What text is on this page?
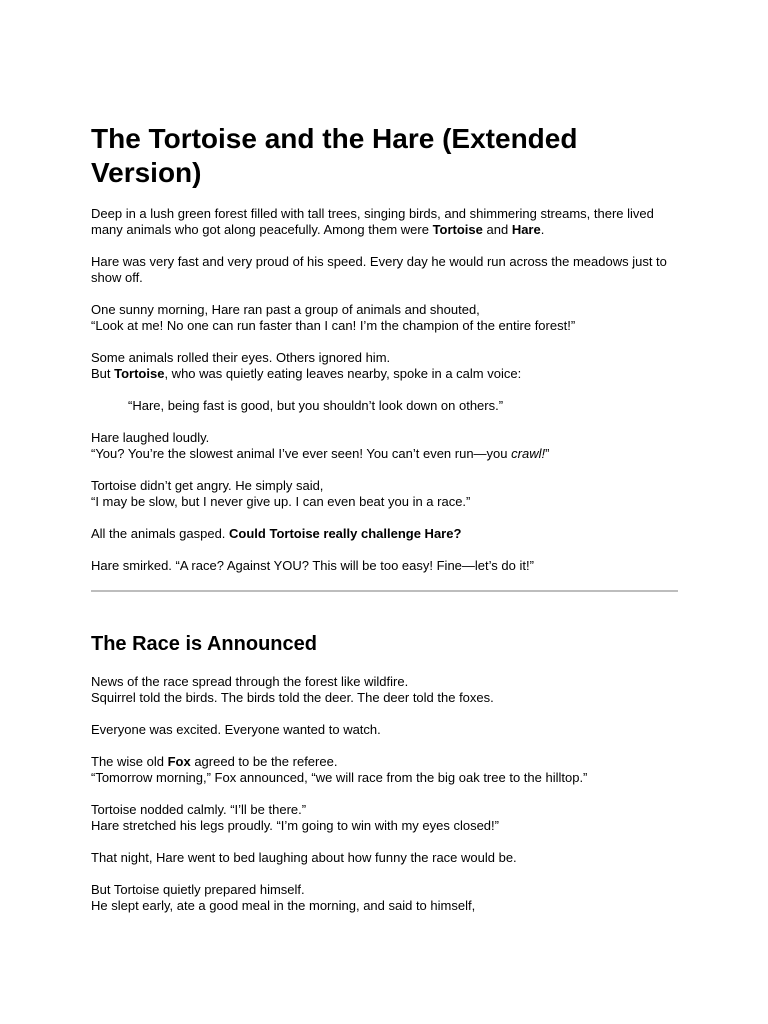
The Tortoise and the Hare (Extended Version)

Deep in a lush green forest filled with tall trees, singing birds, and shimmering streams, there lived many animals who got along peacefully. Among them were Tortoise and Hare.

Hare was very fast and very proud of his speed. Every day he would run across the meadows just to show off.

One sunny morning, Hare ran past a group of animals and shouted,
“Look at me! No one can run faster than I can! I’m the champion of the entire forest!”

Some animals rolled their eyes. Others ignored him.
But Tortoise, who was quietly eating leaves nearby, spoke in a calm voice:

“Hare, being fast is good, but you shouldn’t look down on others.”

Hare laughed loudly.
“You? You’re the slowest animal I’ve ever seen! You can’t even run—you crawl!”

Tortoise didn’t get angry. He simply said,
“I may be slow, but I never give up. I can even beat you in a race.”

All the animals gasped. Could Tortoise really challenge Hare?

Hare smirked. “A race? Against YOU? This will be too easy! Fine—let’s do it!”

The Race is Announced

News of the race spread through the forest like wildfire.
Squirrel told the birds. The birds told the deer. The deer told the foxes.

Everyone was excited. Everyone wanted to watch.

The wise old Fox agreed to be the referee.
“Tomorrow morning,” Fox announced, “we will race from the big oak tree to the hilltop.”

Tortoise nodded calmly. “I’ll be there.”
Hare stretched his legs proudly. “I’m going to win with my eyes closed!”

That night, Hare went to bed laughing about how funny the race would be.

But Tortoise quietly prepared himself.
He slept early, ate a good meal in the morning, and said to himself,
